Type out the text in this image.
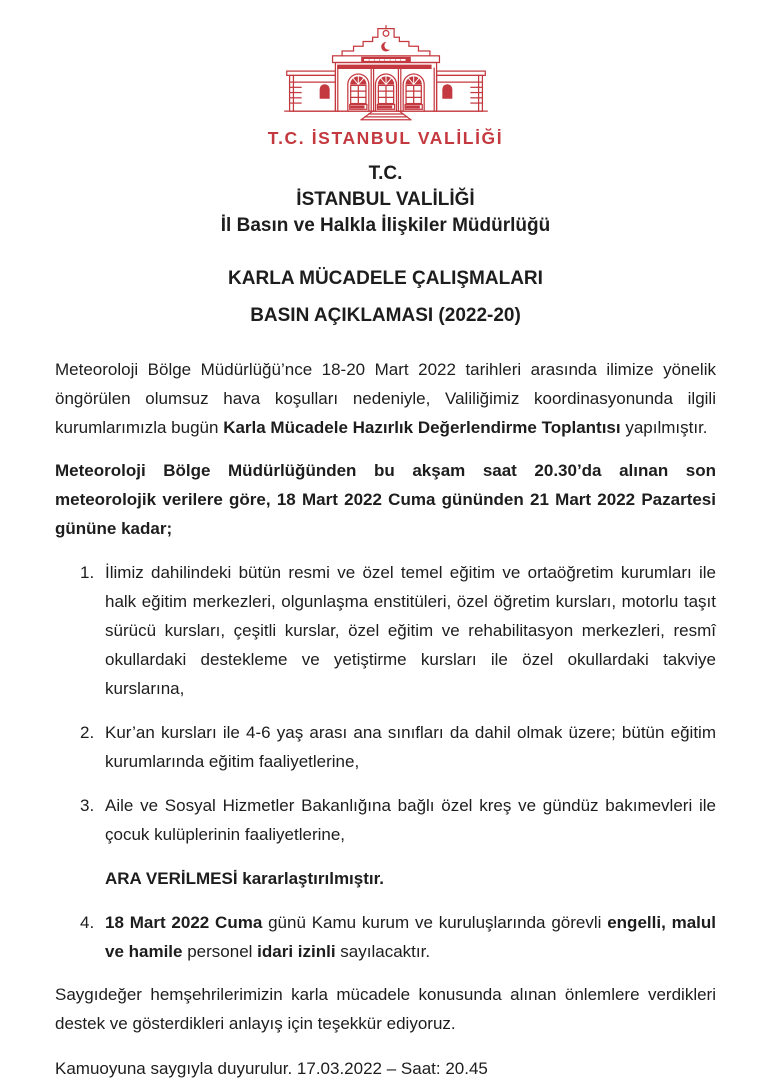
T.C. İSTANBUL VALİLİĞİ
T.C.
İSTANBUL VALİLİĞİ
İl Basın ve Halkla İlişkiler Müdürlüğü
KARLA MÜCADELE ÇALIŞMALARI
BASIN AÇIKLAMASI (2022-20)

Meteoroloji Bölge Müdürlüğü’nce 18-20 Mart 2022 tarihleri arasında ilimize yönelik öngörülen olumsuz hava koşulları nedeniyle, Valiliğimiz koordinasyonunda ilgili kurumlarımızla bugün Karla Mücadele Hazırlık Değerlendirme Toplantısı yapılmıştır.

Meteoroloji Bölge Müdürlüğünden bu akşam saat 20.30’da alınan son meteorolojik verilere göre, 18 Mart 2022 Cuma gününden 21 Mart 2022 Pazartesi gününe kadar;

1. İlimiz dahilindeki bütün resmi ve özel temel eğitim ve ortaöğretim kurumları ile halk eğitim merkezleri, olgunlaşma enstitüleri, özel öğretim kursları, motorlu taşıt sürücü kursları, çeşitli kurslar, özel eğitim ve rehabilitasyon merkezleri, resmî okullardaki destekleme ve yetiştirme kursları ile özel okullardaki takviye kurslarına,
2. Kur’an kursları ile 4-6 yaş arası ana sınıfları da dahil olmak üzere; bütün eğitim kurumlarında eğitim faaliyetlerine,
3. Aile ve Sosyal Hizmetler Bakanlığına bağlı özel kreş ve gündüz bakımevleri ile çocuk kulüplerinin faaliyetlerine,
ARA VERİLMESİ kararlaştırılmıştır.
4. 18 Mart 2022 Cuma günü Kamu kurum ve kuruluşlarında görevli engelli, malul ve hamile personel idari izinli sayılacaktır.

Saygıdeğer hemşehrilerimizin karla mücadele konusunda alınan önlemlere verdikleri destek ve gösterdikleri anlayış için teşekkür ediyoruz.

Kamuoyuna saygıyla duyurulur. 17.03.2022 – Saat: 20.45
